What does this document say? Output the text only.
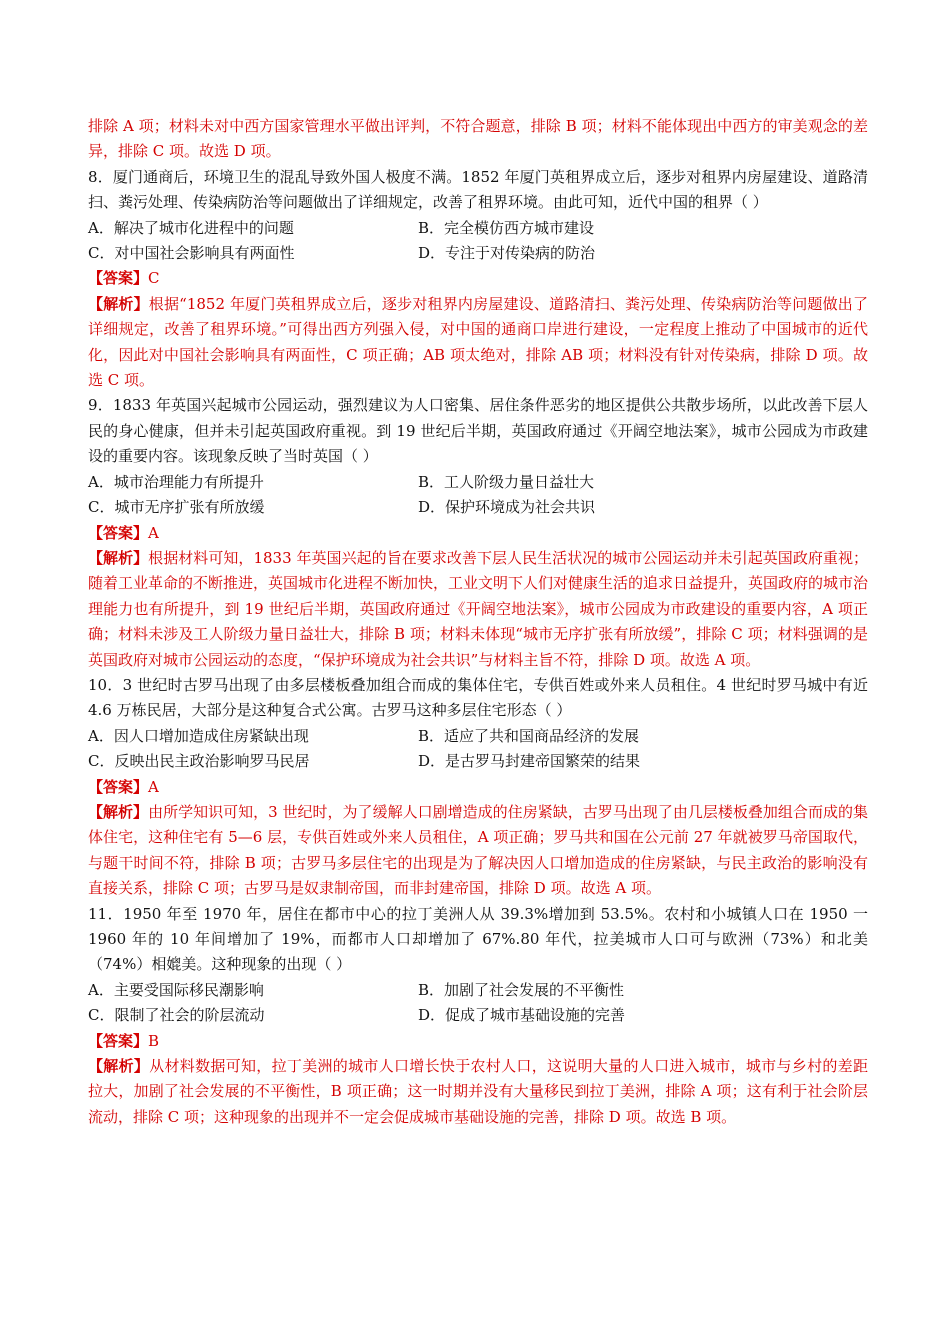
排除 A 项；材料未对中西方国家管理水平做出评判，不符合题意，排除 B 项；材料不能体现出中西方的审美观念的差异，排除 C 项。故选 D 项。

8．厦门通商后，环境卫生的混乱导致外国人极度不满。1852 年厦门英租界成立后，逐步对租界内房屋建设、道路清扫、粪污处理、传染病防治等问题做出了详细规定，改善了租界环境。由此可知，近代中国的租界（ ）

A．解决了城市化进程中的问题	B．完全模仿西方城市建设
C．对中国社会影响具有两面性	D．专注于对传染病的防治

【答案】C

【解析】根据“1852 年厦门英租界成立后，逐步对租界内房屋建设、道路清扫、粪污处理、传染病防治等问题做出了详细规定，改善了租界环境。”可得出西方列强入侵，对中国的通商口岸进行建设，一定程度上推动了中国城市的近代化，因此对中国社会影响具有两面性，C 项正确；AB 项太绝对，排除 AB 项；材料没有针对传染病，排除 D 项。故选 C 项。

9．1833 年英国兴起城市公园运动，强烈建议为人口密集、居住条件恶劣的地区提供公共散步场所，以此改善下层人民的身心健康，但并未引起英国政府重视。到 19 世纪后半期，英国政府通过《开阔空地法案》，城市公园成为市政建设的重要内容。该现象反映了当时英国（ ）

A．城市治理能力有所提升	B．工人阶级力量日益壮大
C．城市无序扩张有所放缓	D．保护环境成为社会共识

【答案】A

【解析】根据材料可知，1833 年英国兴起的旨在要求改善下层人民生活状况的城市公园运动并未引起英国政府重视；随着工业革命的不断推进，英国城市化进程不断加快，工业文明下人们对健康生活的追求日益提升，英国政府的城市治理能力也有所提升，到 19 世纪后半期，英国政府通过《开阔空地法案》，城市公园成为市政建设的重要内容，A 项正确；材料未涉及工人阶级力量日益壮大，排除 B 项；材料未体现“城市无序扩张有所放缓”，排除 C 项；材料强调的是英国政府对城市公园运动的态度，“保护环境成为社会共识”与材料主旨不符，排除 D 项。故选 A 项。

10．3 世纪时古罗马出现了由多层楼板叠加组合而成的集体住宅，专供百姓或外来人员租住。4 世纪时罗马城中有近 4.6 万栋民居，大部分是这种复合式公寓。古罗马这种多层住宅形态（ ）

A．因人口增加造成住房紧缺出现	B．适应了共和国商品经济的发展
C．反映出民主政治影响罗马民居	D．是古罗马封建帝国繁荣的结果

【答案】A

【解析】由所学知识可知，3 世纪时，为了缓解人口剧增造成的住房紧缺，古罗马出现了由几层楼板叠加组合而成的集体住宅，这种住宅有 5—6 层，专供百姓或外来人员租住，A 项正确；罗马共和国在公元前 27 年就被罗马帝国取代，与题干时间不符，排除 B 项；古罗马多层住宅的出现是为了解决因人口增加造成的住房紧缺，与民主政治的影响没有直接关系，排除 C 项；古罗马是奴隶制帝国，而非封建帝国，排除 D 项。故选 A 项。

11．1950 年至 1970 年，居住在都市中心的拉丁美洲人从 39.3%增加到 53.5%。农村和小城镇人口在 1950 一 1960 年的 10 年间增加了 19%，而都市人口却增加了 67%.80 年代，拉美城市人口可与欧洲（73%）和北美（74%）相媲美。这种现象的出现（ ）

A．主要受国际移民潮影响	B．加剧了社会发展的不平衡性
C．限制了社会的阶层流动	D．促成了城市基础设施的完善

【答案】B

【解析】从材料数据可知，拉丁美洲的城市人口增长快于农村人口，这说明大量的人口进入城市，城市与乡村的差距拉大，加剧了社会发展的不平衡性，B 项正确；这一时期并没有大量移民到拉丁美洲，排除 A 项；这有利于社会阶层流动，排除 C 项；这种现象的出现并不一定会促成城市基础设施的完善，排除 D 项。故选 B 项。
